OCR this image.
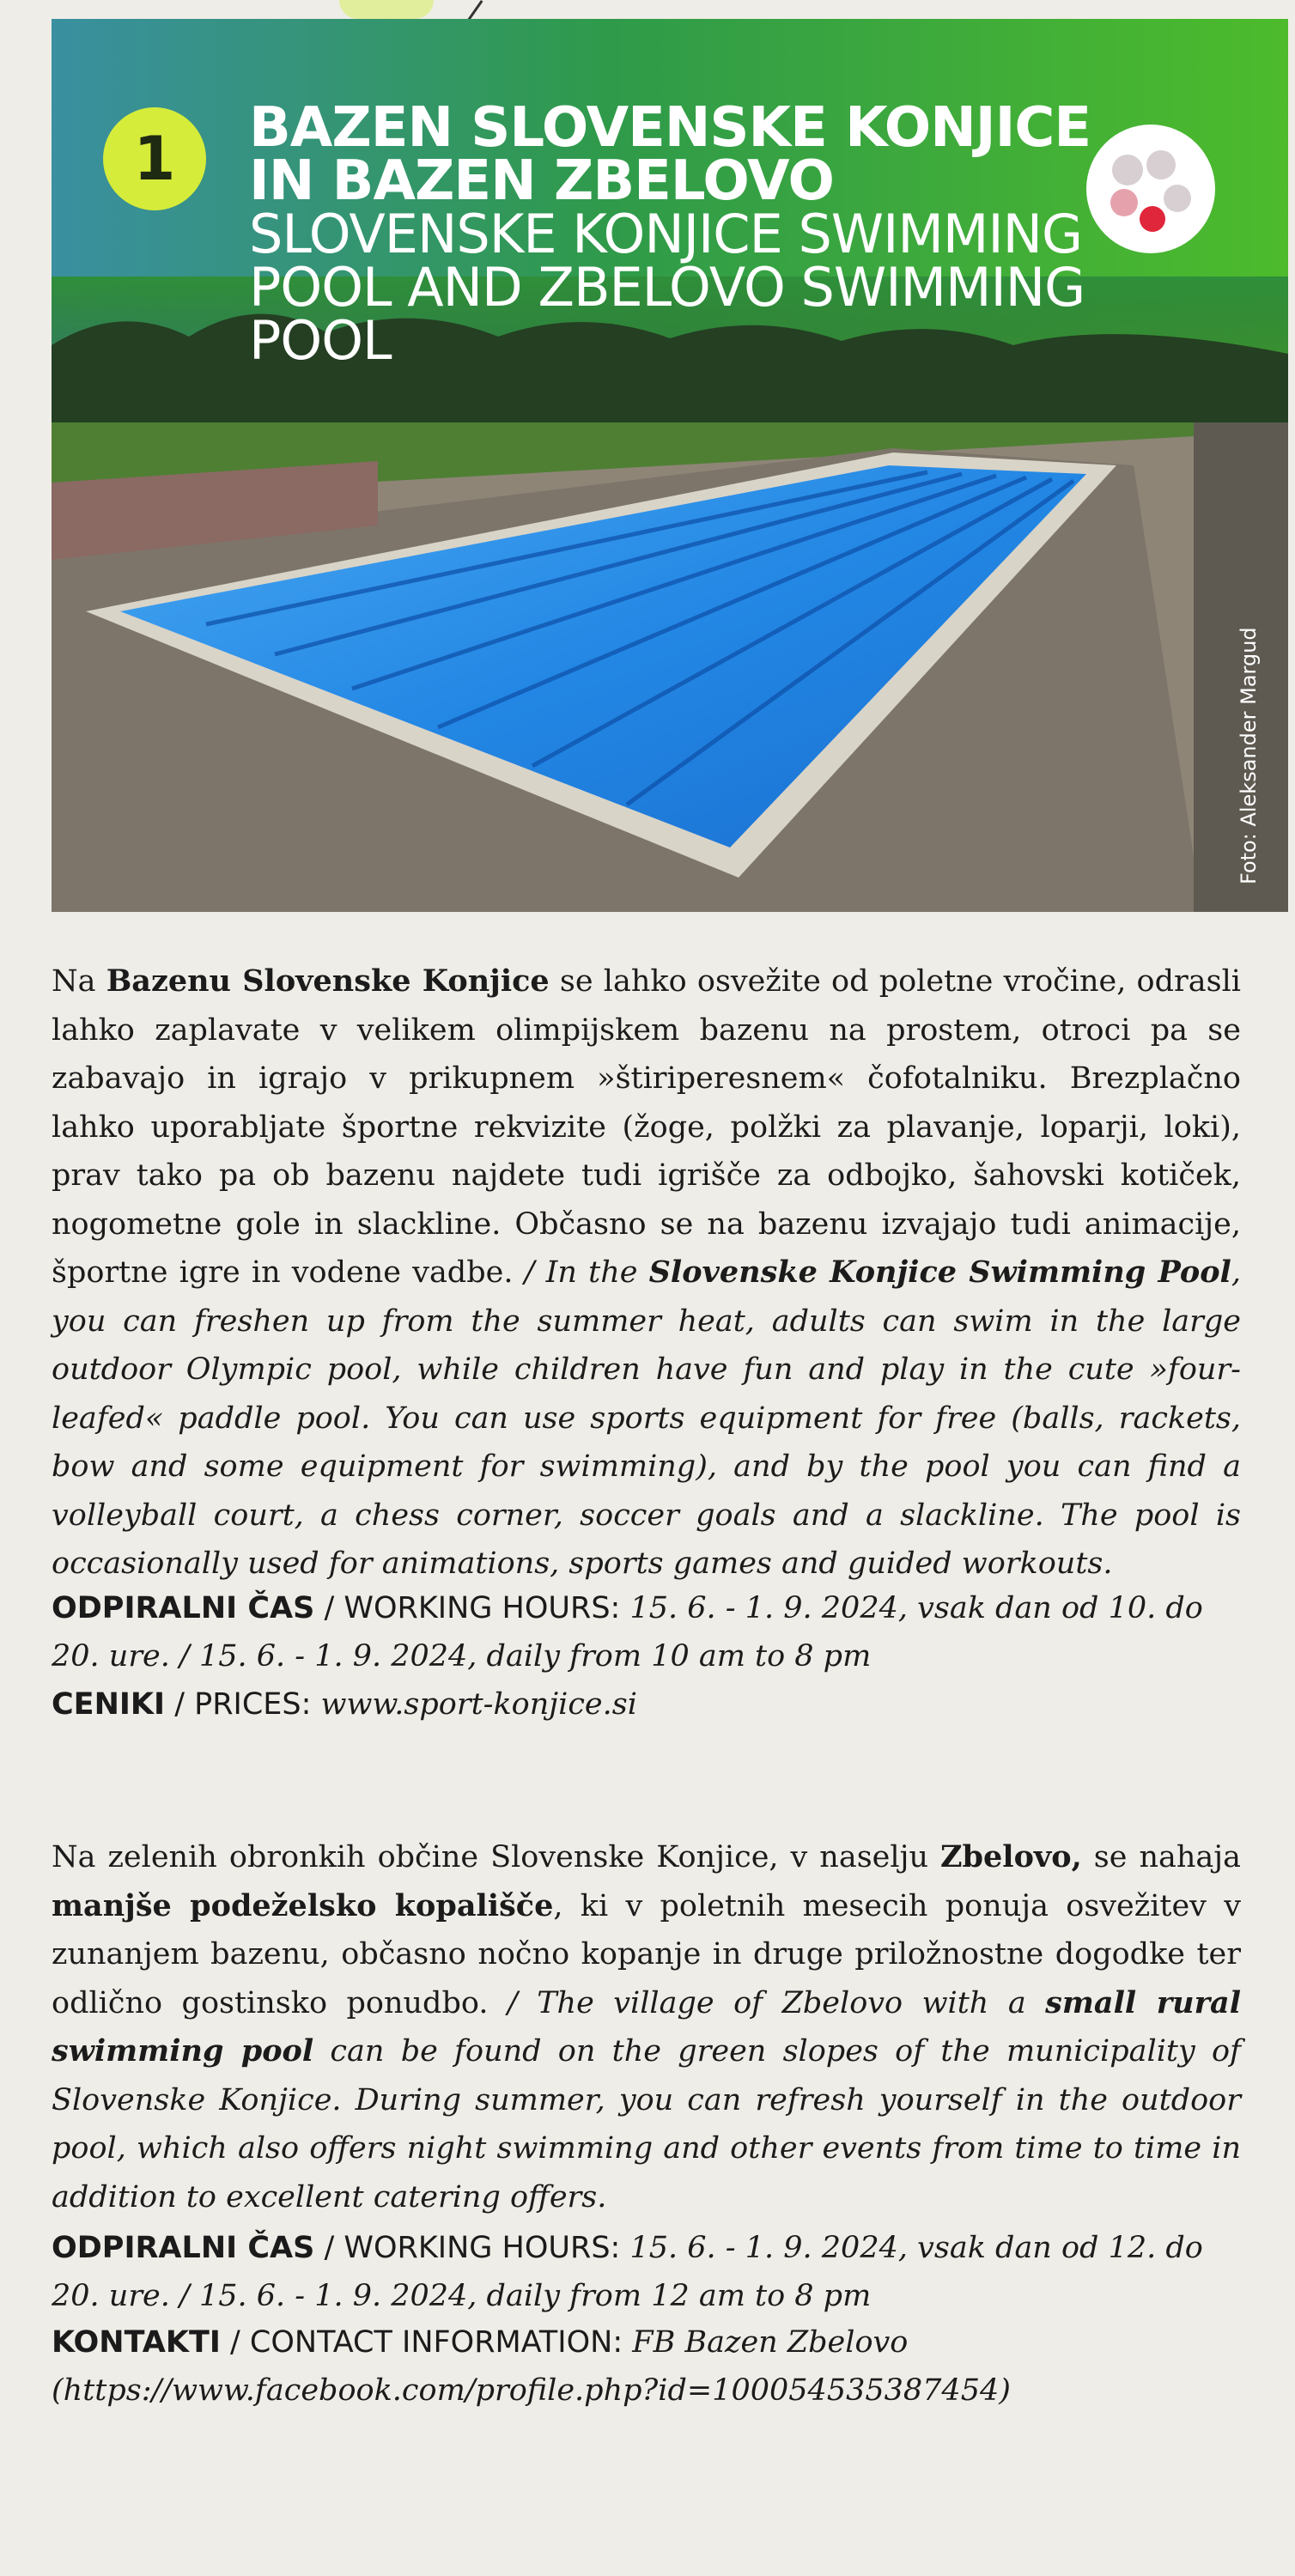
1	BAZEN SLOVENSKE KONJICE
IN BAZEN ZBELOVO
SLOVENSKE KONJICE SWIMMING
POOL AND ZBELOVO SWIMMING POOL
Foto: Aleksander Margud
Na Bazenu Slovenske Konjice se lahko osvežite od poletne vročine, odrasli lahko zaplavate v velikem olimpijskem bazenu na prostem, otroci pa se zabavajo in igrajo v prikupnem »štiriperesnem« čofotalniku. Brezplačno lahko uporabljate športne rekvizite (žoge, polžki za plavanje, loparji, loki), prav tako pa ob bazenu najdete tudi igrišče za odbojko, šahovski kotiček, nogometne gole in slackline. Občasno se na bazenu izvajajo tudi animacije, športne igre in vodene vadbe. / In the Slovenske Konjice Swimming Pool, you can freshen up from the summer heat, adults can swim in the large outdoor Olympic pool, while children have fun and play in the cute »four-leafed« paddle pool. You can use sports equipment for free (balls, rackets, bow and some equipment for swimming), and by the pool you can find a volleyball court, a chess corner, soccer goals and a slackline. The pool is occasionally used for animations, sports games and guided workouts.
ODPIRALNI ČAS / WORKING HOURS: 15. 6. - 1. 9. 2024, vsak dan od 10. do 20. ure. / 15. 6. - 1. 9. 2024, daily from 10 am to 8 pm
CENIKI / PRICES: www.sport-konjice.si
Na zelenih obronkih občine Slovenske Konjice, v naselju Zbelovo, se nahaja manjše podeželsko kopališče, ki v poletnih mesecih ponuja osvežitev v zunanjem bazenu, občasno nočno kopanje in druge priložnostne dogodke ter odlično gostinsko ponudbo. / The village of Zbelovo with a small rural swimming pool can be found on the green slopes of the municipality of Slovenske Konjice. During summer, you can refresh yourself in the outdoor pool, which also offers night swimming and other events from time to time in addition to excellent catering offers.
ODPIRALNI ČAS / WORKING HOURS: 15. 6. - 1. 9. 2024, vsak dan od 12. do 20. ure. / 15. 6. - 1. 9. 2024, daily from 12 am to 8 pm
KONTAKTI / CONTACT INFORMATION: FB Bazen Zbelovo (https://www.facebook.com/profile.php?id=100054535387454)
